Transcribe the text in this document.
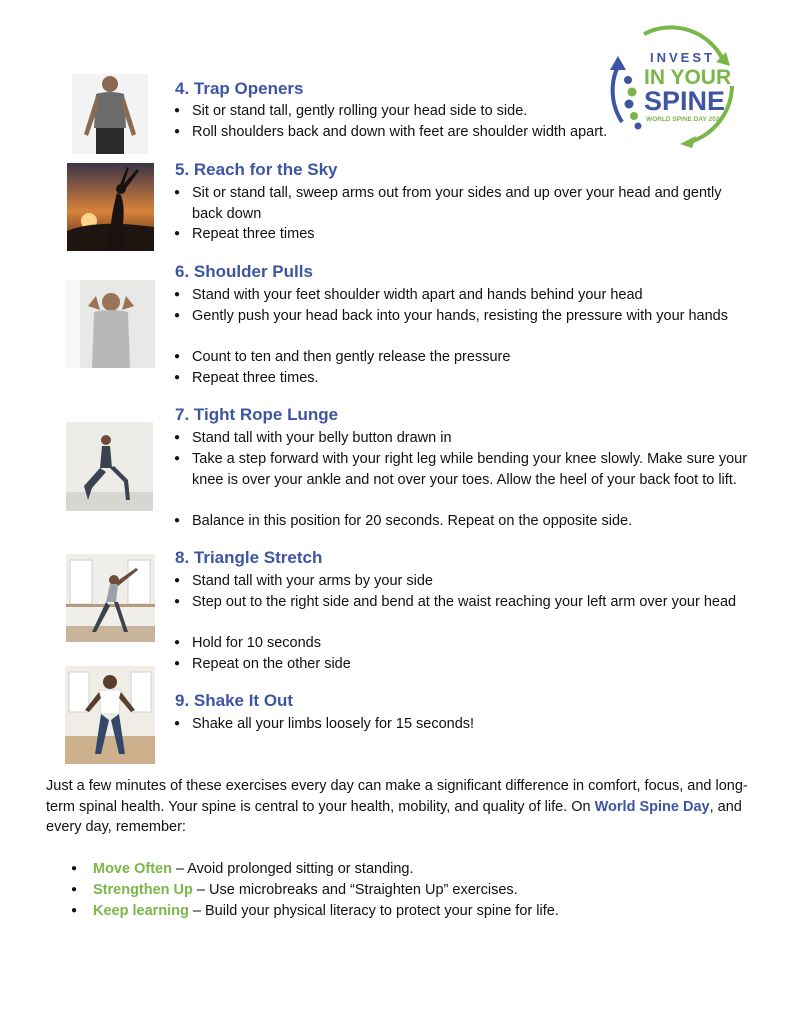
INVEST
IN YOUR
SPINE
WORLD SPINE DAY 2025
4. Trap Openers

● Sit or stand tall, gently rolling your head side to side.

● Roll shoulders back and down with feet are shoulder width apart.

5. Reach for the Sky

● Sit or stand tall, sweep arms out from your sides and up over your head and gently back down

● Repeat three times

6. Shoulder Pulls

● Stand with your feet shoulder width apart and hands behind your head

● Gently push your head back into your hands, resisting the pressure with your hands

● Count to ten and then gently release the pressure

● Repeat three times.

7. Tight Rope Lunge

● Stand tall with your belly button drawn in

● Take a step forward with your right leg while bending your knee slowly. Make sure your knee is over your ankle and not over your toes. Allow the heel of your back foot to lift.

● Balance in this position for 20 seconds. Repeat on the opposite side.

8. Triangle Stretch

● Stand tall with your arms by your side

● Step out to the right side and bend at the waist reaching your left arm over your head

● Hold for 10 seconds

● Repeat on the other side

9. Shake It Out

● Shake all your limbs loosely for 15 seconds!

Just a few minutes of these exercises every day can make a significant difference in comfort, focus, and long-term spinal health. Your spine is central to your health, mobility, and quality of life. On World Spine Day, and every day, remember:

● Move Often – Avoid prolonged sitting or standing.

● Strengthen Up – Use microbreaks and “Straighten Up” exercises.

● Keep learning – Build your physical literacy to protect your spine for life.
